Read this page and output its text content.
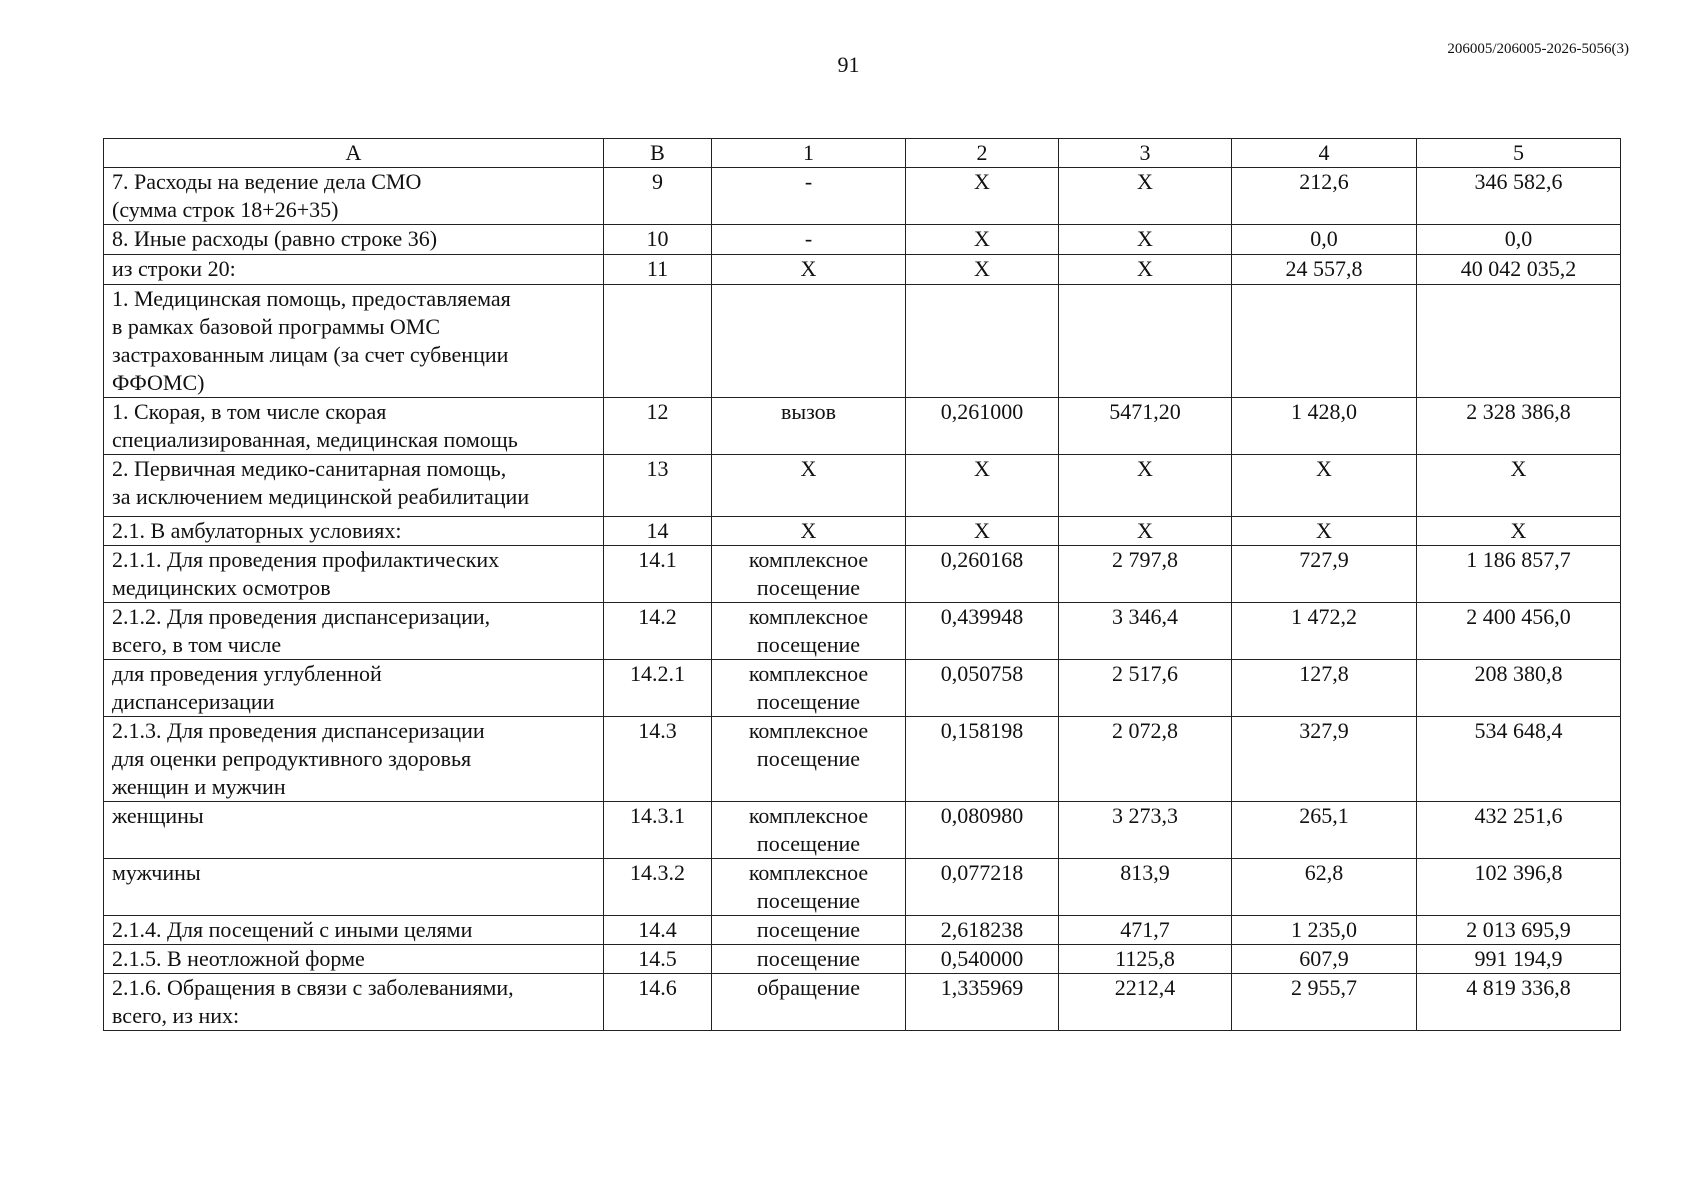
91
206005/206005-2026-5056(3)
А	В	1	2	3	4	5
7. Расходы на ведение дела СМО
(сумма строк 18+26+35)	9	-	Х	Х	212,6	346 582,6
8. Иные расходы (равно строке 36)	10	-	Х	Х	0,0	0,0
из строки 20:	11	Х	Х	Х	24 557,8	40 042 035,2
1. Медицинская помощь, предоставляемая
в рамках базовой программы ОМС
застрахованным лицам (за счет субвенции
ФФОМС)						
1. Скорая, в том числе скорая
специализированная, медицинская помощь	12	вызов	0,261000	5471,20	1 428,0	2 328 386,8
2. Первичная медико-санитарная помощь,
за исключением медицинской реабилитации	13	Х	Х	Х	Х	Х
2.1. В амбулаторных условиях:	14	Х	Х	Х	Х	Х
2.1.1. Для проведения профилактических
медицинских осмотров	14.1	комплексное
посещение	0,260168	2 797,8	727,9	1 186 857,7
2.1.2. Для проведения диспансеризации,
всего, в том числе	14.2	комплексное
посещение	0,439948	3 346,4	1 472,2	2 400 456,0
для проведения углубленной
диспансеризации	14.2.1	комплексное
посещение	0,050758	2 517,6	127,8	208 380,8
2.1.3. Для проведения диспансеризации
для оценки репродуктивного здоровья
женщин и мужчин	14.3	комплексное
посещение	0,158198	2 072,8	327,9	534 648,4
женщины	14.3.1	комплексное
посещение	0,080980	3 273,3	265,1	432 251,6
мужчины	14.3.2	комплексное
посещение	0,077218	813,9	62,8	102 396,8
2.1.4. Для посещений с иными целями	14.4	посещение	2,618238	471,7	1 235,0	2 013 695,9
2.1.5. В неотложной форме	14.5	посещение	0,540000	1125,8	607,9	991 194,9
2.1.6. Обращения в связи с заболеваниями,
всего, из них:	14.6	обращение	1,335969	2212,4	2 955,7	4 819 336,8
